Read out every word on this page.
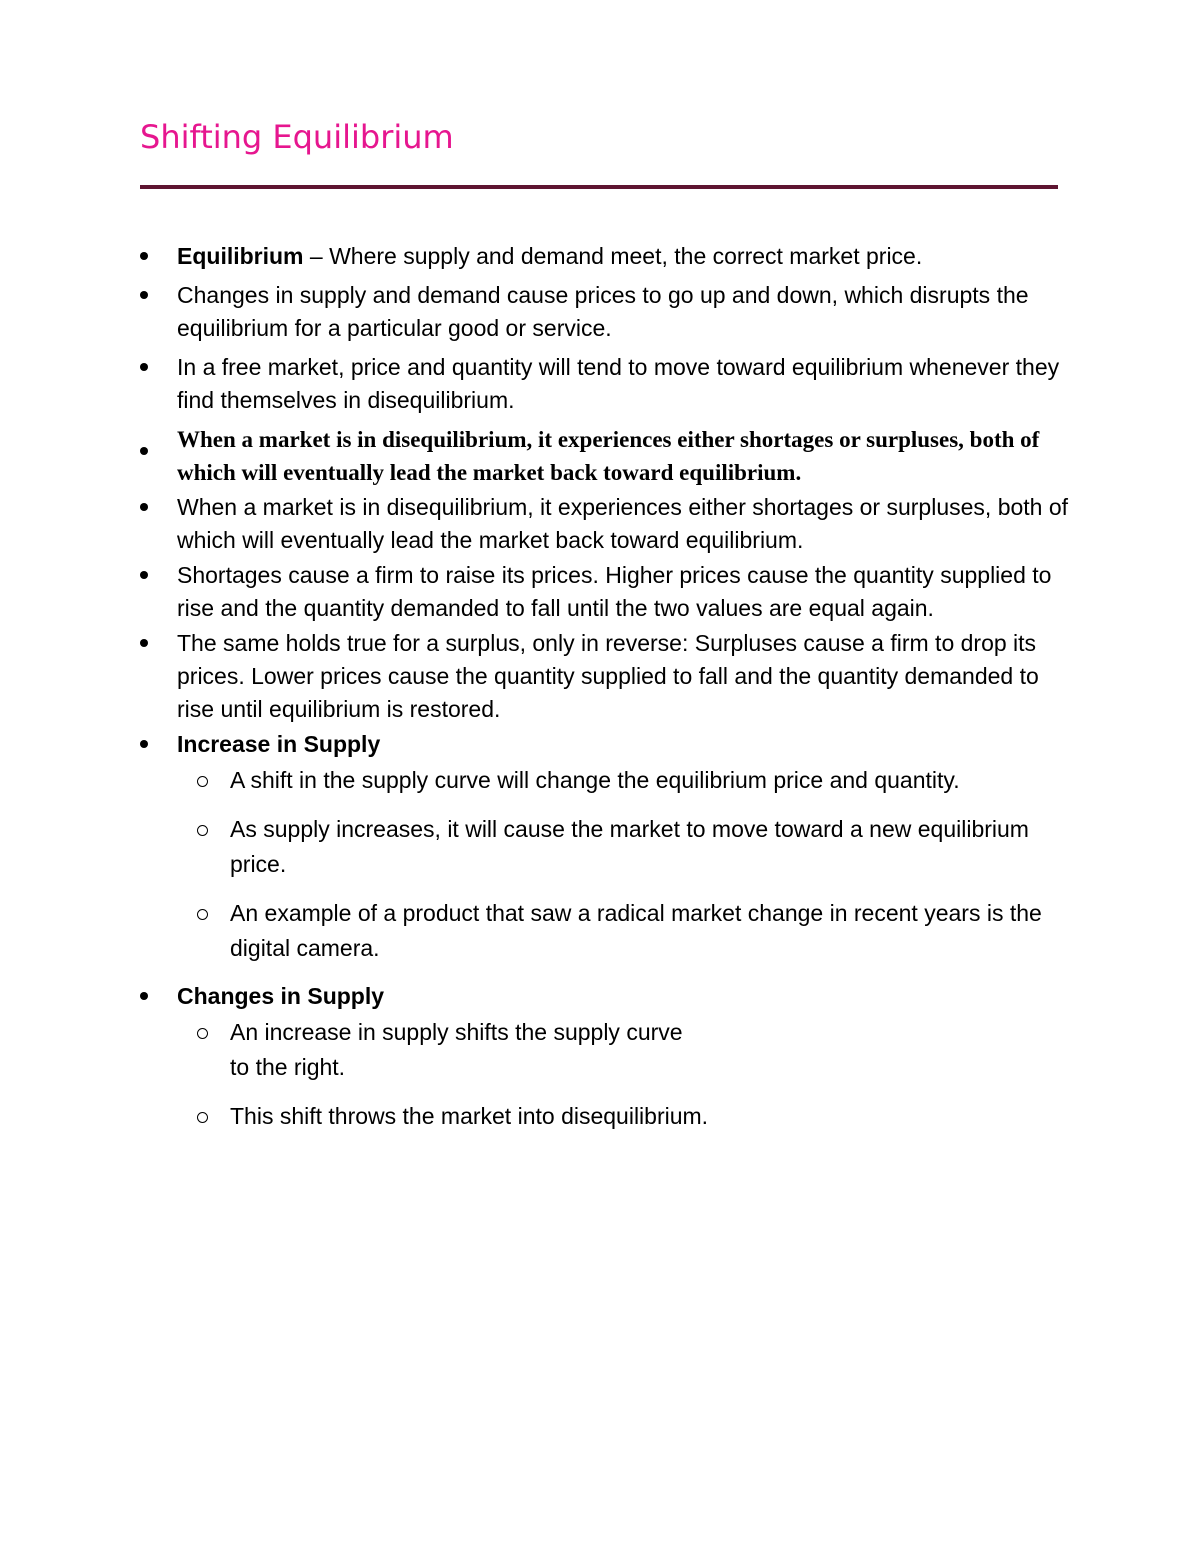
Shifting Equilibrium
Equilibrium – Where supply and demand meet, the correct market price.
Changes in supply and demand cause prices to go up and down, which disrupts the equilibrium for a particular good or service.
In a free market, price and quantity will tend to move toward equilibrium whenever they find themselves in disequilibrium.
When a market is in disequilibrium, it experiences either shortages or surpluses, both of which will eventually lead the market back toward equilibrium.
When a market is in disequilibrium, it experiences either shortages or surpluses, both of which will eventually lead the market back toward equilibrium.
Shortages cause a firm to raise its prices. Higher prices cause the quantity supplied to rise and the quantity demanded to fall until the two values are equal again.
The same holds true for a surplus, only in reverse: Surpluses cause a firm to drop its prices. Lower prices cause the quantity supplied to fall and the quantity demanded to rise until equilibrium is restored.
Increase in Supply
A shift in the supply curve will change the equilibrium price and quantity.
As supply increases, it will cause the market to move toward a new equilibrium price.
An example of a product that saw a radical market change in recent years is the digital camera.
Changes in Supply
An increase in supply shifts the supply curve
to the right.
This shift throws the market into disequilibrium.
